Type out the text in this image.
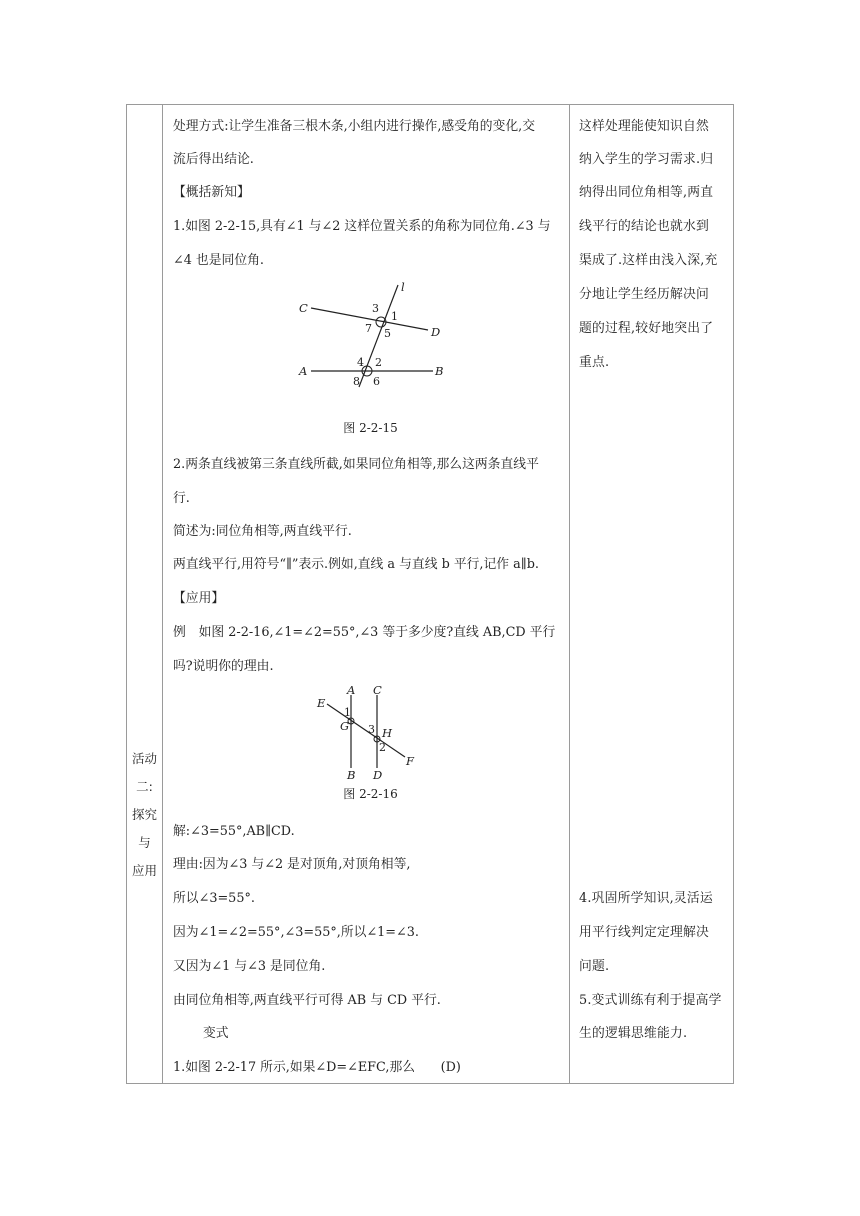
活动
二:
探究
与
应用
处理方式:让学生准备三根木条,小组内进行操作,感受角的变化,交
流后得出结论.
【概括新知】
1.如图 2-2-15,具有∠1 与∠2 这样位置关系的角称为同位角.∠3 与
∠4 也是同位角.
l
C
D
A	B
3
1
7 5
4 2
8 6
图 2-2-15
2.两条直线被第三条直线所截,如果同位角相等,那么这两条直线平
行.
简述为:同位角相等,两直线平行.
两直线平行,用符号“∥”表示.例如,直线 a 与直线 b 平行,记作 a∥b.
【应用】
例　如图 2-2-16,∠1=∠2=55°,∠3 等于多少度?直线 AB,CD 平行
吗?说明你的理由.
A C
E
G	H
F
B D
1
3
2
图 2-2-16
解:∠3=55°,AB∥CD.
理由:因为∠3 与∠2 是对顶角,对顶角相等,
所以∠3=55°.
因为∠1=∠2=55°,∠3=55°,所以∠1=∠3.
又因为∠1 与∠3 是同位角.
由同位角相等,两直线平行可得 AB 与 CD 平行.
变式
1.如图 2-2-17 所示,如果∠D=∠EFC,那么　　(D)
这样处理能使知识自然
纳入学生的学习需求.归
纳得出同位角相等,两直
线平行的结论也就水到
渠成了.这样由浅入深,充
分地让学生经历解决问
题的过程,较好地突出了
重点.
4.巩固所学知识,灵活运
用平行线判定定理解决
问题.
5.变式训练有利于提高学
生的逻辑思维能力.
